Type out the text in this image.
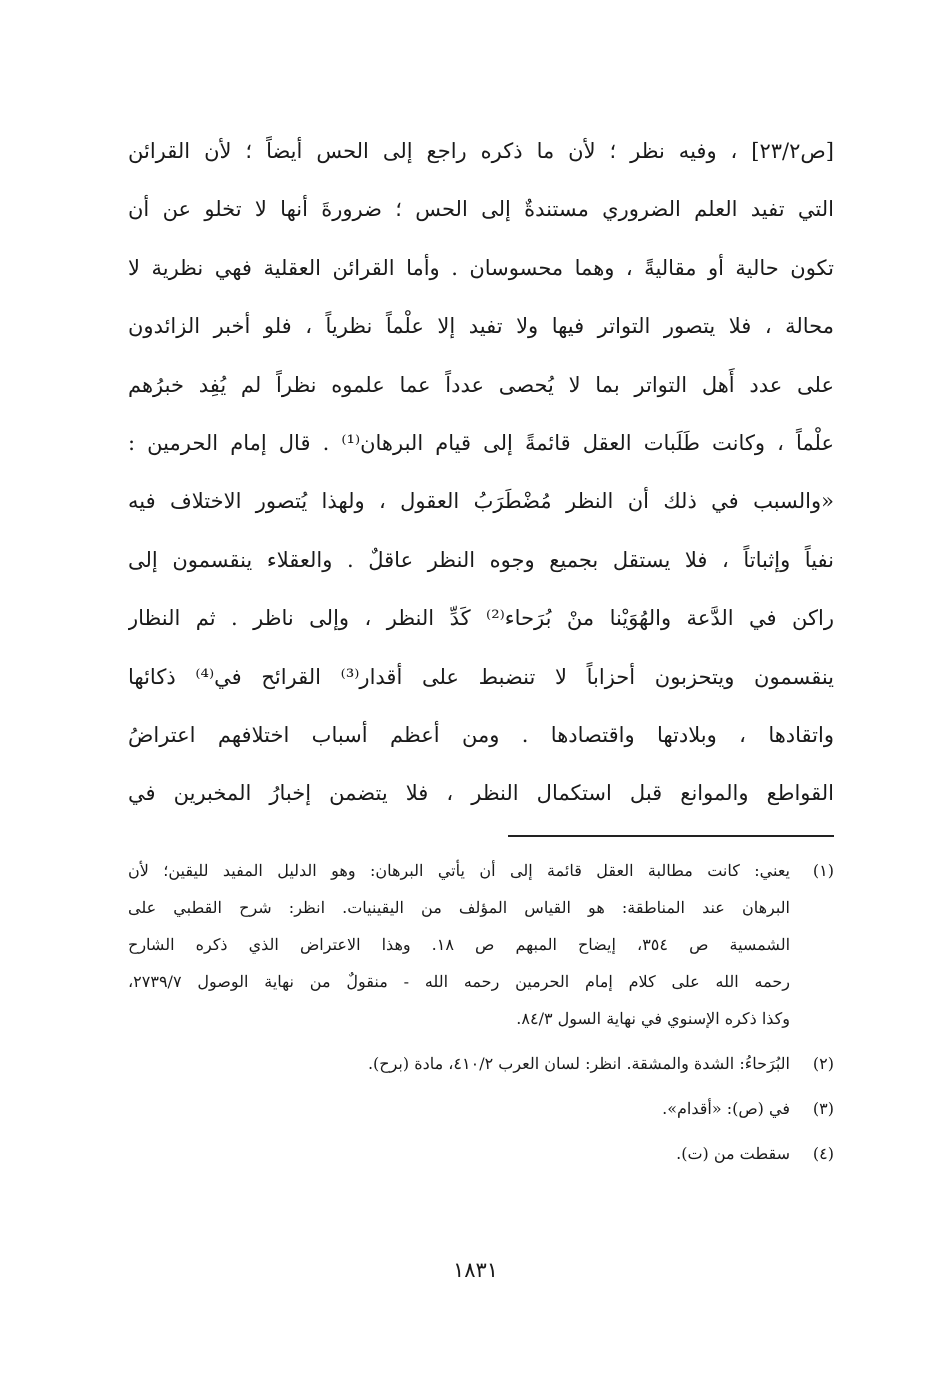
[ص٢٣/٢] ، وفيه نظر ؛ لأن ما ذكره راجع إلى الحس أيضاً ؛ لأن القرائن
التي تفيد العلم الضروري مستندةٌ إلى الحس ؛ ضرورةَ أنها لا تخلو عن أن
تكون حالية أو مقاليةً ، وهما محسوسان . وأما القرائن العقلية فهي نظرية لا
محالة ، فلا يتصور التواتر فيها ولا تفيد إلا علْماً نظرياً ، فلو أخبر الزائدون
على عدد أَهل التواتر بما لا يُحصى عدداً عما علموه نظراً لم يُفِد خبرُهم
علْماً ، وكانت طَلَبات العقل قائمةً إلى قيام البرهان⁽¹⁾ . قال إمام الحرمين :
«والسبب في ذلك أن النظر مُضْطَرَبُ العقول ، ولهذا يُتصور الاختلاف فيه
نفياً وإثباتاً ، فلا يستقل بجميع وجوه النظر عاقلٌ . والعقلاء ينقسمون إلى
راكن في الدَّعة والهُوَيْنا منْ بُرَحاء⁽²⁾ كَدِّ النظر ، وإلى ناظر . ثم النظار
ينقسمون ويتحزبون أحزاباً لا تنضبط على أقدار⁽³⁾ القرائح في⁽⁴⁾ ذكائها
واتقادها ، وبلادتها واقتصادها . ومن أعظم أسباب اختلافهم اعتراضُ
القواطع والموانع قبل استكمال النظر ، فلا يتضمن إخبارُ المخبرين في
(١)
يعني: كانت مطالبة العقل قائمة إلى أن يأتي البرهان: وهو الدليل المفيد لليقين؛ لأن
البرهان عند المناطقة: هو القياس المؤلف من اليقينيات. انظر: شرح القطبي على
الشمسية ص ٣٥٤، إيضاح المبهم ص ١٨. وهذا الاعتراض الذي ذكره الشارح
رحمه الله على كلام إمام الحرمين رحمه الله - منقولٌ من نهاية الوصول ٢٧٣٩/٧،
وكذا ذكره الإسنوي في نهاية السول ٨٤/٣.
(٢)
البُرَحاءُ: الشدة والمشقة. انظر: لسان العرب ٤١٠/٢، مادة (برح).
(٣)
في (ص): «أقدام».
(٤)
سقطت من (ت).
١٨٣١
